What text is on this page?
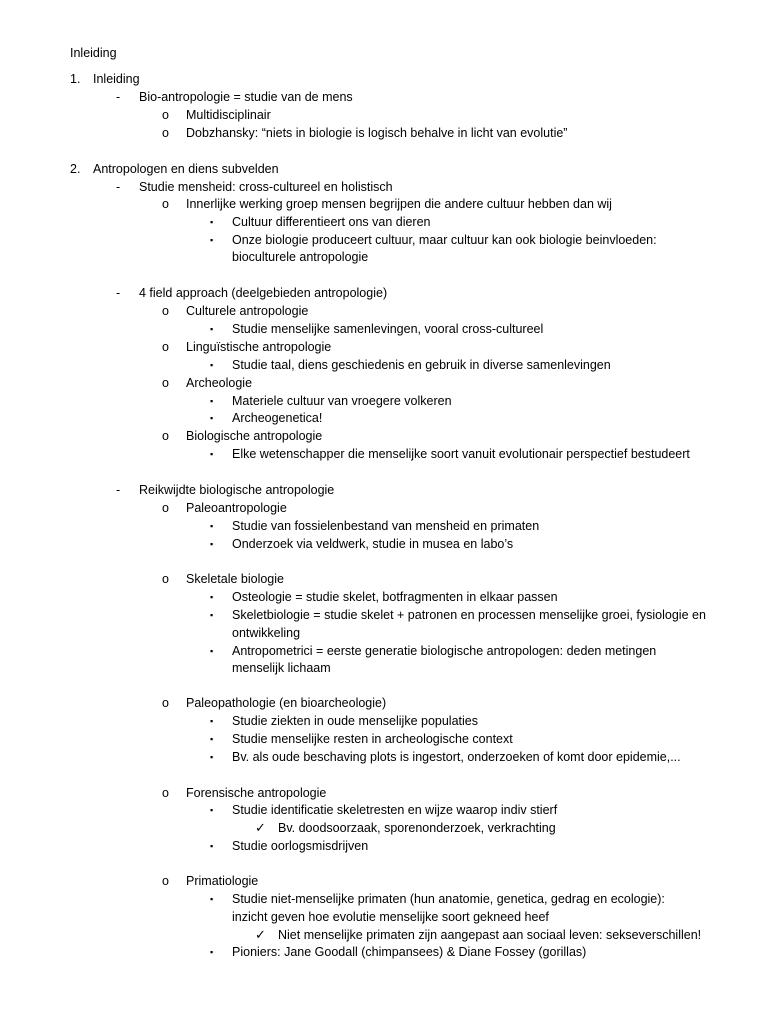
Inleiding
1. Inleiding
- Bio-antropologie = studie van de mens
o Multidisciplinair
o Dobzhansky: “niets in biologie is logisch behalve in licht van evolutie”
2. Antropologen en diens subvelden
- Studie mensheid: cross-cultureel en holistisch
o Innerlijke werking groep mensen begrijpen die andere cultuur hebben dan wij
▪ Cultuur differentieert ons van dieren
▪ Onze biologie produceert cultuur, maar cultuur kan ook biologie beinvloeden:
bioculturele antropologie
- 4 field approach (deelgebieden antropologie)
o Culturele antropologie
▪ Studie menselijke samenlevingen, vooral cross-cultureel
o Linguïstische antropologie
▪ Studie taal, diens geschiedenis en gebruik in diverse samenlevingen
o Archeologie
▪ Materiele cultuur van vroegere volkeren
▪ Archeogenetica!
o Biologische antropologie
▪ Elke wetenschapper die menselijke soort vanuit evolutionair perspectief bestudeert
- Reikwijdte biologische antropologie
o Paleoantropologie
▪ Studie van fossielenbestand van mensheid en primaten
▪ Onderzoek via veldwerk, studie in musea en labo’s
o Skeletale biologie
▪ Osteologie = studie skelet, botfragmenten in elkaar passen
▪ Skeletbiologie = studie skelet + patronen en processen menselijke groei, fysiologie en
ontwikkeling
▪ Antropometrici = eerste generatie biologische antropologen: deden metingen
menselijk lichaam
o Paleopathologie (en bioarcheologie)
▪ Studie ziekten in oude menselijke populaties
▪ Studie menselijke resten in archeologische context
▪ Bv. als oude beschaving plots is ingestort, onderzoeken of komt door epidemie,...
o Forensische antropologie
▪ Studie identificatie skeletresten en wijze waarop indiv stierf
✓ Bv. doodsoorzaak, sporenonderzoek, verkrachting
▪ Studie oorlogsmisdrijven
o Primatiologie
▪ Studie niet-menselijke primaten (hun anatomie, genetica, gedrag en ecologie):
inzicht geven hoe evolutie menselijke soort gekneed heef
✓ Niet menselijke primaten zijn aangepast aan sociaal leven: sekseverschillen!
▪ Pioniers: Jane Goodall (chimpansees) & Diane Fossey (gorillas)
